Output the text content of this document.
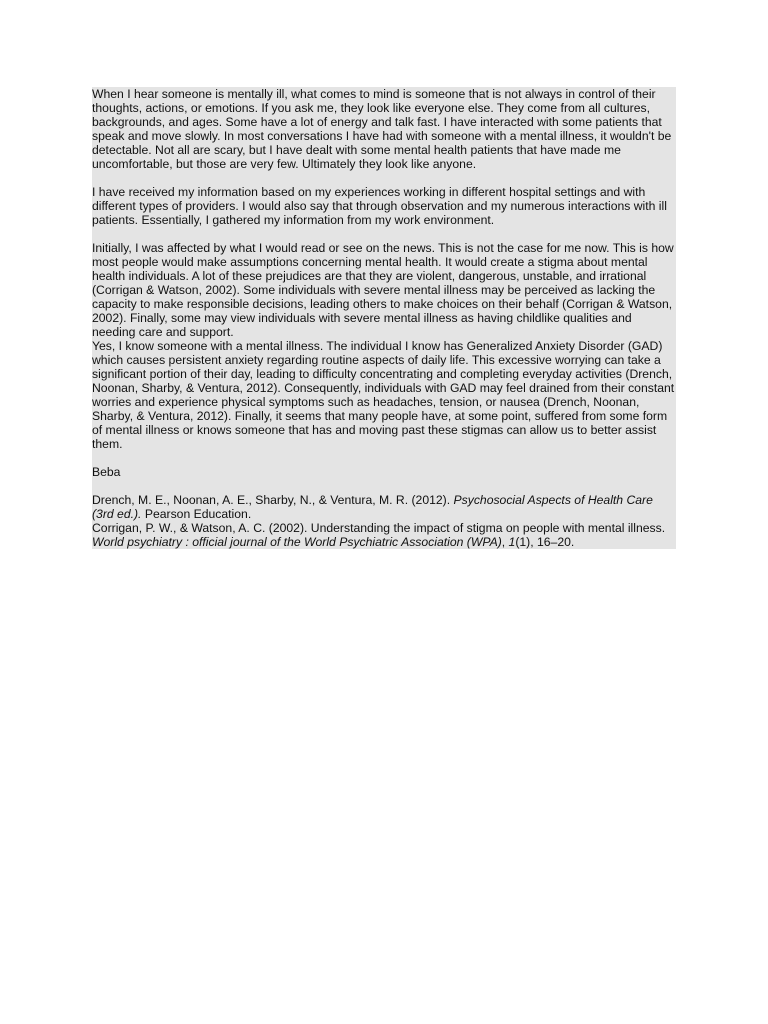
When I hear someone is mentally ill, what comes to mind is someone that is not always in control of their thoughts, actions, or emotions. If you ask me, they look like everyone else. They come from all cultures, backgrounds, and ages. Some have a lot of energy and talk fast. I have interacted with some patients that speak and move slowly. In most conversations I have had with someone with a mental illness, it wouldn't be detectable. Not all are scary, but I have dealt with some mental health patients that have made me uncomfortable, but those are very few. Ultimately they look like anyone.
I have received my information based on my experiences working in different hospital settings and with different types of providers. I would also say that through observation and my numerous interactions with ill patients. Essentially, I gathered my information from my work environment.
Initially, I was affected by what I would read or see on the news. This is not the case for me now. This is how most people would make assumptions concerning mental health. It would create a stigma about mental health individuals. A lot of these prejudices are that they are violent, dangerous, unstable, and irrational (Corrigan & Watson, 2002). Some individuals with severe mental illness may be perceived as lacking the capacity to make responsible decisions, leading others to make choices on their behalf (Corrigan & Watson, 2002). Finally, some may view individuals with severe mental illness as having childlike qualities and needing care and support.
Yes, I know someone with a mental illness. The individual I know has Generalized Anxiety Disorder (GAD) which causes persistent anxiety regarding routine aspects of daily life. This excessive worrying can take a significant portion of their day, leading to difficulty concentrating and completing everyday activities (Drench, Noonan, Sharby, & Ventura, 2012). Consequently, individuals with GAD may feel drained from their constant worries and experience physical symptoms such as headaches, tension, or nausea (Drench, Noonan, Sharby, & Ventura, 2012). Finally, it seems that many people have, at some point, suffered from some form of mental illness or knows someone that has and moving past these stigmas can allow us to better assist them.
Beba
Drench, M. E., Noonan, A. E., Sharby, N., & Ventura, M. R. (2012). Psychosocial Aspects of Health Care (3rd ed.). Pearson Education.
Corrigan, P. W., & Watson, A. C. (2002). Understanding the impact of stigma on people with mental illness. World psychiatry : official journal of the World Psychiatric Association (WPA), 1(1), 16–20.
